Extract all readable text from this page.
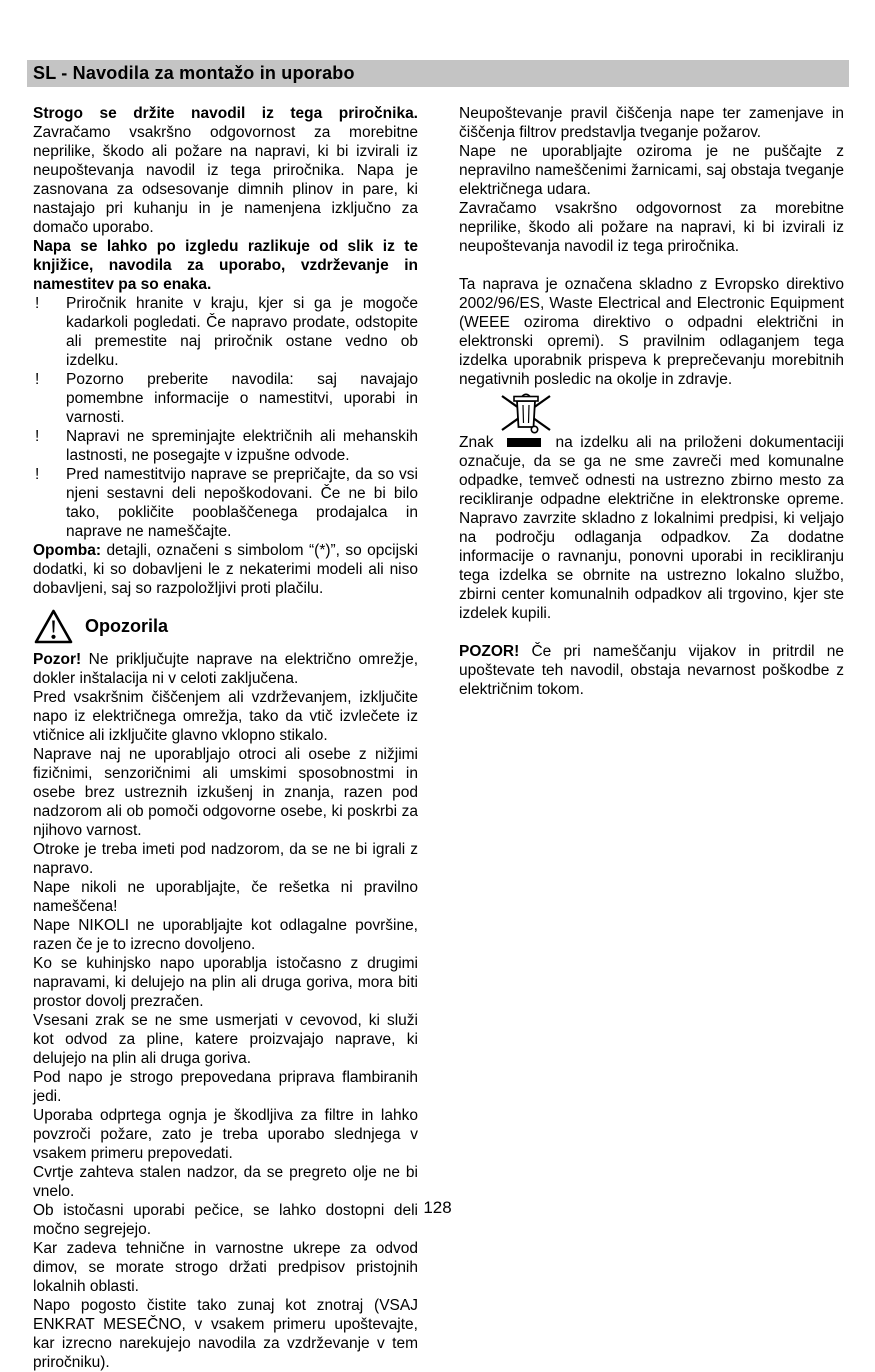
SL - Navodila za montažo in uporabo

Strogo se držite navodil iz tega priročnika. Zavračamo vsakršno odgovornost za morebitne neprilike, škodo ali požare na napravi, ki bi izvirali iz neupoštevanja navodil iz tega priročnika. Napa je zasnovana za odsesovanje dimnih plinov in pare, ki nastajajo pri kuhanju in je namenjena izključno za domačo uporabo.

Napa se lahko po izgledu razlikuje od slik iz te knjižice, navodila za uporabo, vzdrževanje in namestitev pa so enaka.

! Priročnik hranite v kraju, kjer si ga je mogoče kadarkoli pogledati. Če napravo prodate, odstopite ali premestite naj priročnik ostane vedno ob izdelku.
! Pozorno preberite navodila: saj navajajo pomembne informacije o namestitvi, uporabi in varnosti.
! Napravi ne spreminjajte električnih ali mehanskih lastnosti, ne posegajte v izpušne odvode.
! Pred namestitvijo naprave se prepričajte, da so vsi njeni sestavni deli nepoškodovani. Če ne bi bilo tako, pokličite pooblaščenega prodajalca in naprave ne nameščajte.

Opomba: detajli, označeni s simbolom “(*)”, so opcijski dodatki, ki so dobavljeni le z nekaterimi modeli ali niso dobavljeni, saj so razpoložljivi proti plačilu.

Opozorila

Pozor! Ne priključujte naprave na električno omrežje, dokler inštalacija ni v celoti zaključena.

Pred vsakršnim čiščenjem ali vzdrževanjem, izključite napo iz električnega omrežja, tako da vtič izvlečete iz vtičnice ali izključite glavno vklopno stikalo.

Naprave naj ne uporabljajo otroci ali osebe z nižjimi fizičnimi, senzoričnimi ali umskimi sposobnostmi in osebe brez ustreznih izkušenj in znanja, razen pod nadzorom ali ob pomoči odgovorne osebe, ki poskrbi za njihovo varnost.

Otroke je treba imeti pod nadzorom, da se ne bi igrali z napravo.

Nape nikoli ne uporabljajte, če rešetka ni pravilno nameščena!

Nape NIKOLI ne uporabljajte kot odlagalne površine, razen če je to izrecno dovoljeno.

Ko se kuhinjsko napo uporablja istočasno z drugimi napravami, ki delujejo na plin ali druga goriva, mora biti prostor dovolj prezračen.

Vsesani zrak se ne sme usmerjati v cevovod, ki služi kot odvod za pline, katere proizvajajo naprave, ki delujejo na plin ali druga goriva.

Pod napo je strogo prepovedana priprava flambiranih jedi.

Uporaba odprtega ognja je škodljiva za filtre in lahko povzroči požare, zato je treba uporabo slednjega v vsakem primeru prepovedati.

Cvrtje zahteva stalen nadzor, da se pregreto olje ne bi vnelo.

Ob istočasni uporabi pečice, se lahko dostopni deli močno segrejejo.

Kar zadeva tehnične in varnostne ukrepe za odvod dimov, se morate strogo držati predpisov pristojnih lokalnih oblasti.

Napo pogosto čistite tako zunaj kot znotraj (VSAJ ENKRAT MESEČNO, v vsakem primeru upoštevajte, kar izrecno narekujejo navodila za vzdrževanje v tem priročniku).

Neupoštevanje pravil čiščenja nape ter zamenjave in čiščenja filtrov predstavlja tveganje požarov.

Nape ne uporabljajte oziroma je ne puščajte z nepravilno nameščenimi žarnicami, saj obstaja tveganje električnega udara.

Zavračamo vsakršno odgovornost za morebitne neprilike, škodo ali požare na napravi, ki bi izvirali iz neupoštevanja navodil iz tega priročnika.

Ta naprava je označena skladno z Evropsko direktivo 2002/96/ES, Waste Electrical and Electronic Equipment (WEEE oziroma direktivo o odpadni električni in elektronski opremi). S pravilnim odlaganjem tega izdelka uporabnik prispeva k preprečevanju morebitnih negativnih posledic na okolje in zdravje.

Znak	na izdelku ali na priloženi dokumentaciji označuje, da se ga ne sme zavreči med komunalne odpadke, temveč odnesti na ustrezno zbirno mesto za recikliranje odpadne električne in elektronske opreme. Napravo zavrzite skladno z lokalnimi predpisi, ki veljajo na področju odlaganja odpadkov. Za dodatne informacije o ravnanju, ponovni uporabi in recikliranju tega izdelka se obrnite na ustrezno lokalno službo, zbirni center komunalnih odpadkov ali trgovino, kjer ste izdelek kupili.

POZOR! Če pri nameščanju vijakov in pritrdil ne upoštevate teh navodil, obstaja nevarnost poškodbe z električnim tokom.

128
